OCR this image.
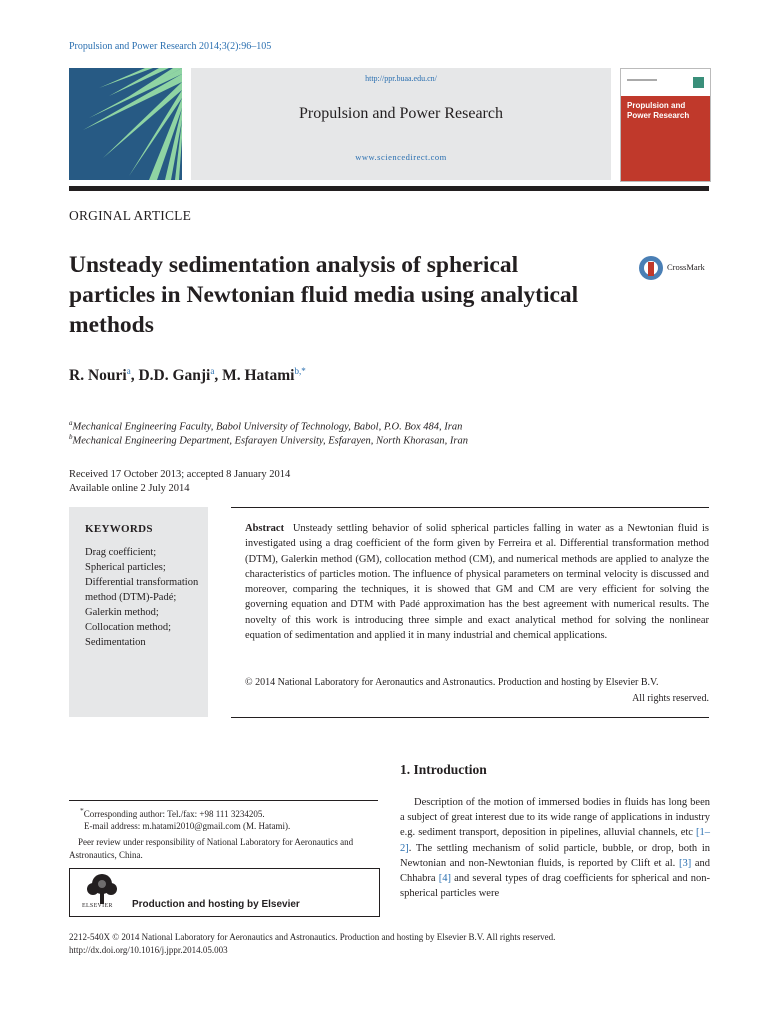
Propulsion and Power Research 2014;3(2):96–105
http://ppr.buaa.edu.cn/
Propulsion and Power Research
www.sciencedirect.com
Propulsion and Power Research
ORGINAL ARTICLE
Unsteady sedimentation analysis of spherical particles in Newtonian fluid media using analytical methods
CrossMark
R. Nouri$^a$, D.D. Ganji$^a$, M. Hatami$^{b,*}$
$^a$Mechanical Engineering Faculty, Babol University of Technology, Babol, P.O. Box 484, Iran
$^b$Mechanical Engineering Department, Esfarayen University, Esfarayen, North Khorasan, Iran
Received 17 October 2013; accepted 8 January 2014
Available online 2 July 2014
KEYWORDS
Drag coefficient;
Spherical particles;
Differential transformation method (DTM)-Padé;
Galerkin method;
Collocation method;
Sedimentation
Abstract Unsteady settling behavior of solid spherical particles falling in water as a Newtonian fluid is investigated using a drag coefficient of the form given by Ferreira et al. Differential transformation method (DTM), Galerkin method (GM), collocation method (CM), and numerical methods are applied to analyze the characteristics of particles motion. The influence of physical parameters on terminal velocity is discussed and moreover, comparing the techniques, it is showed that GM and CM are very efficient for solving the governing equation and DTM with Padé approximation has the best agreement with numerical results. The novelty of this work is introducing three simple and exact analytical method for solving the nonlinear equation of sedimentation and applied it in many industrial and chemical applications.
© 2014 National Laboratory for Aeronautics and Astronautics. Production and hosting by Elsevier B.V.
All rights reserved.
1. Introduction
Description of the motion of immersed bodies in fluids has long been a subject of great interest due to its wide range of applications in industry e.g. sediment transport, deposition in pipelines, alluvial channels, etc [1–2]. The settling mechanism of solid particle, bubble, or drop, both in Newtonian and non-Newtonian fluids, is reported by Clift et al. [3] and Chhabra [4] and several types of drag coefficients for spherical and non-spherical particles were
*Corresponding author: Tel./fax: +98 111 3234205.
E-mail address: m.hatami2010@gmail.com (M. Hatami).
Peer review under responsibility of National Laboratory for Aeronautics and Astronautics, China.
ELSEVIER Production and hosting by Elsevier
2212-540X © 2014 National Laboratory for Aeronautics and Astronautics. Production and hosting by Elsevier B.V. All rights reserved.
http://dx.doi.org/10.1016/j.jppr.2014.05.003
